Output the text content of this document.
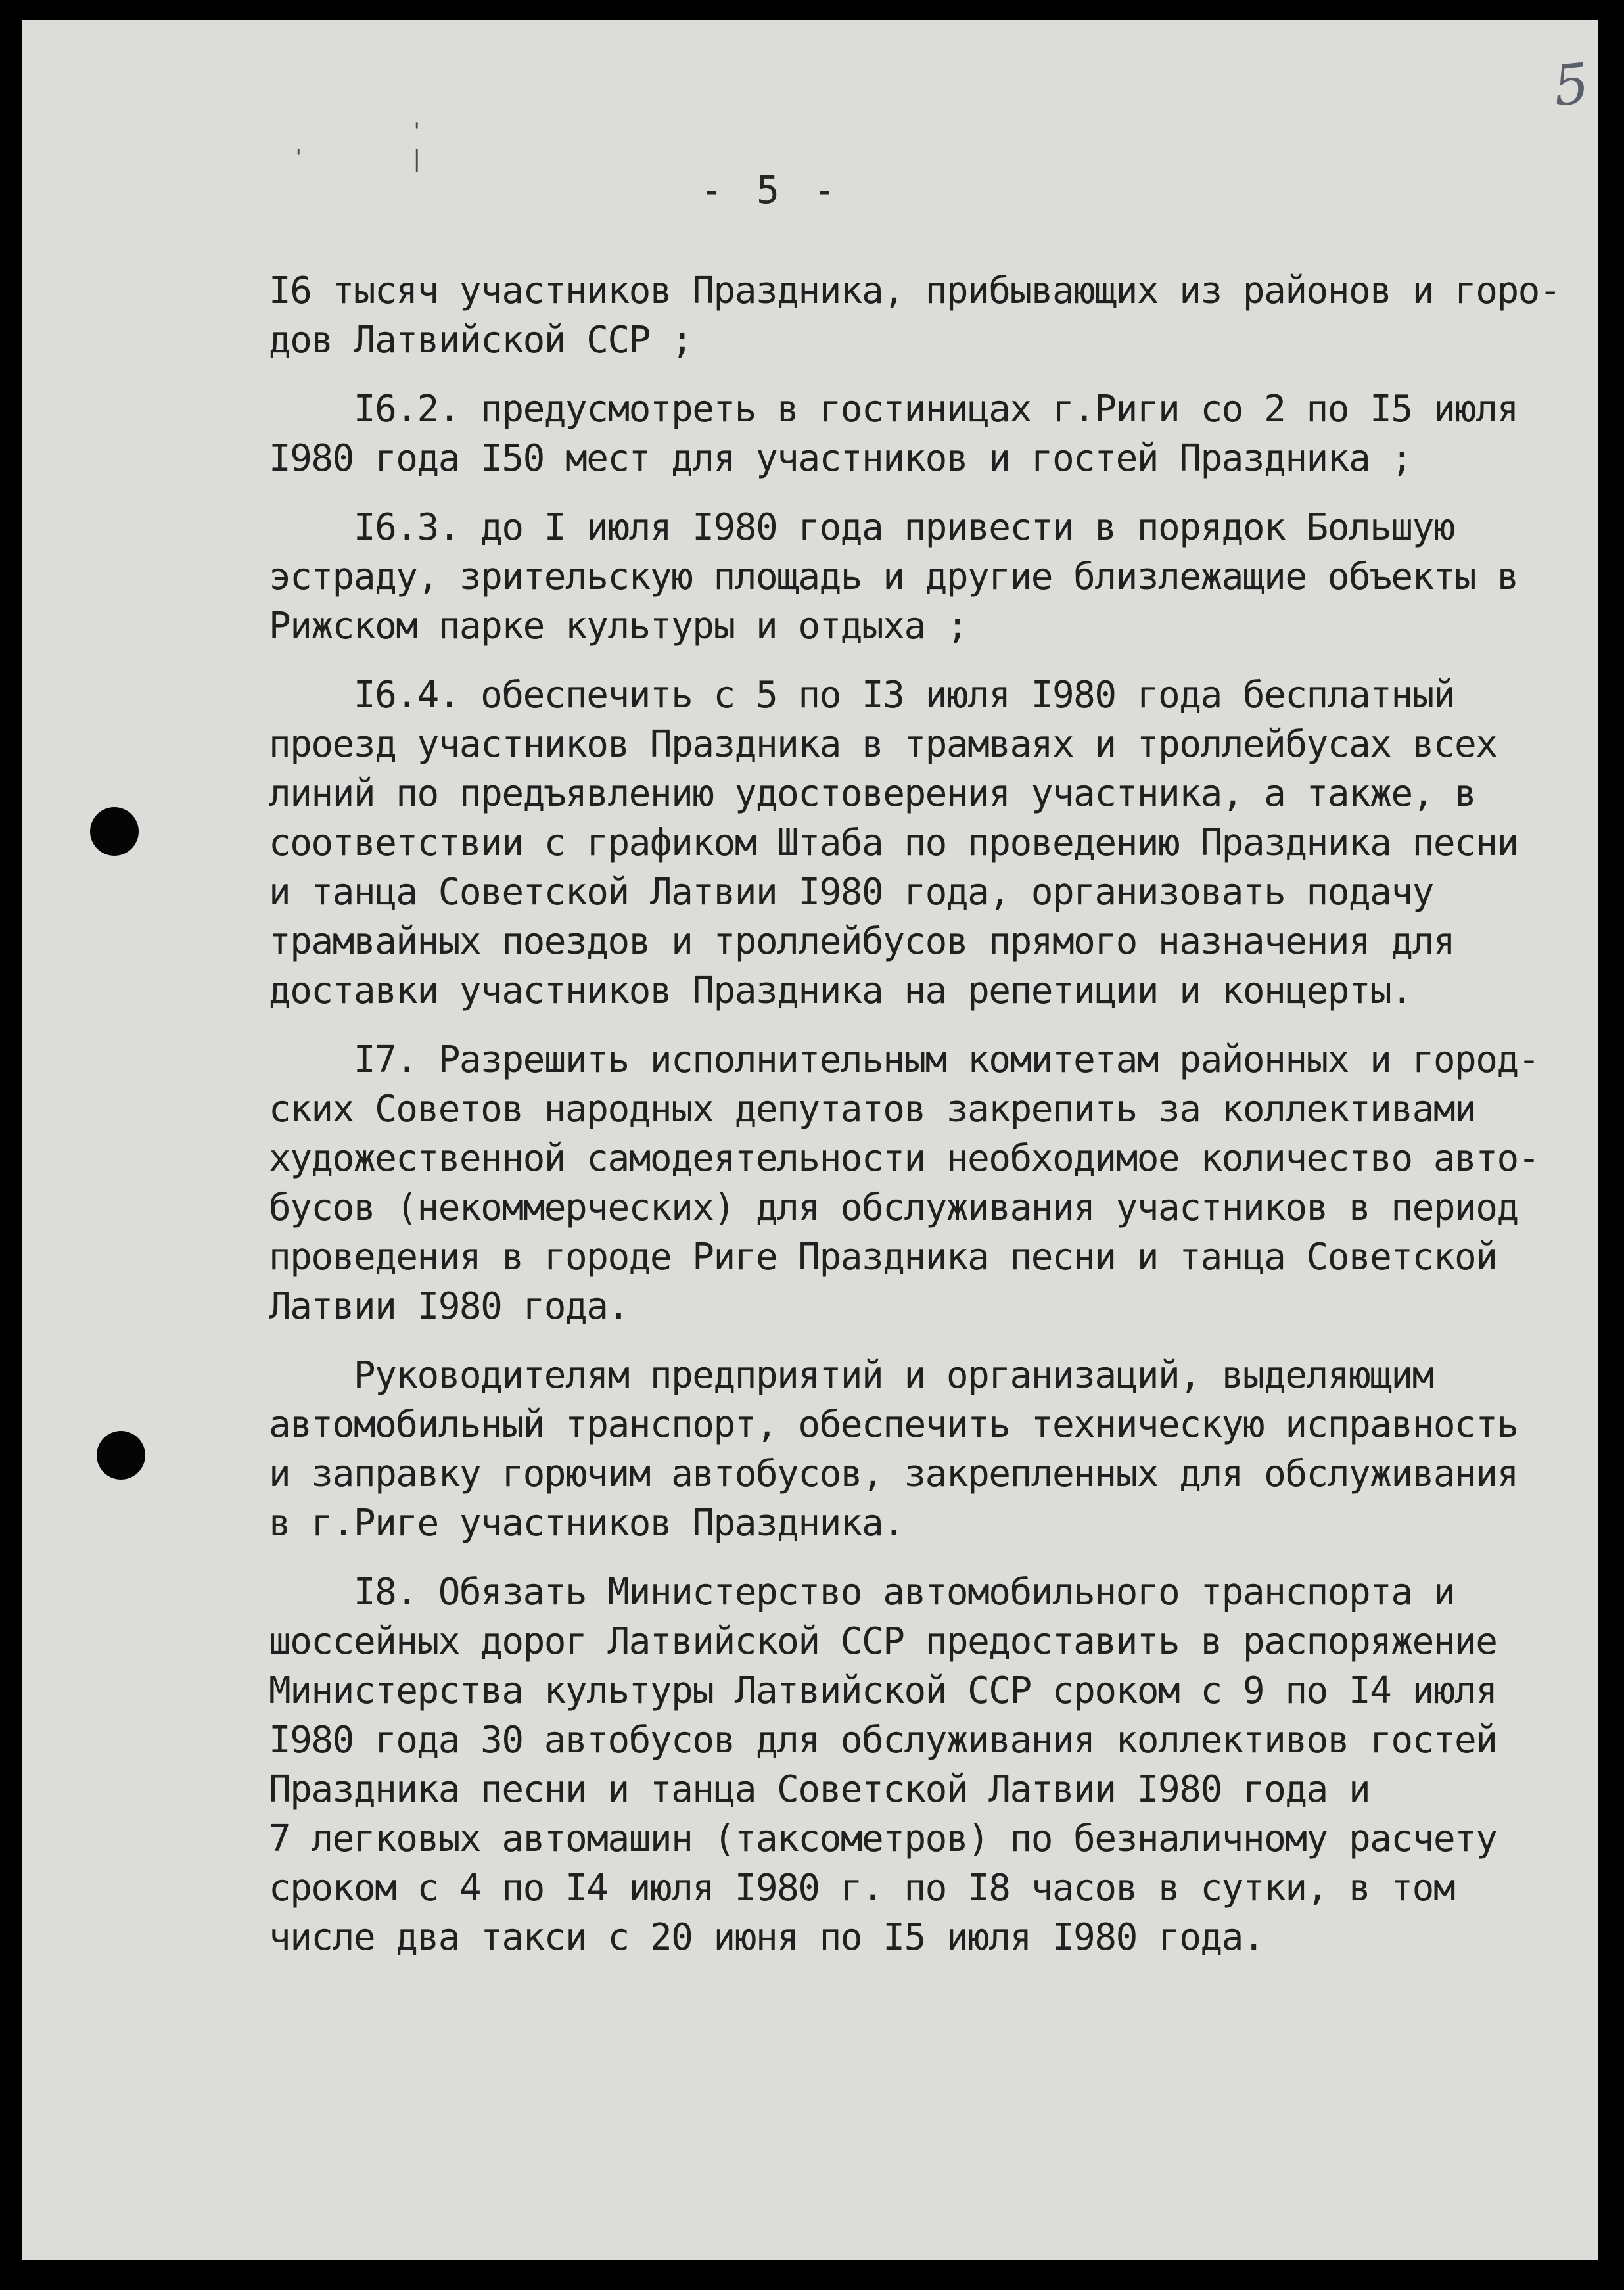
5
'
'
|
- 5 -
I6 тысяч участников Праздника, прибывающих из районов и горо-
дов Латвийской ССР ;
I6.2. предусмотреть в гостиницах г.Риги со 2 по I5 июля
I980 года I50 мест для участников и гостей Праздника ;
I6.3. до I июля I980 года привести в порядок Большую
эстраду, зрительскую площадь и другие близлежащие объекты в
Рижском парке культуры и отдыха ;
I6.4. обеспечить с 5 по I3 июля I980 года бесплатный
проезд участников Праздника в трамваях и троллейбусах всех
линий по предъявлению удостоверения участника, а также, в
соответствии с графиком Штаба по проведению Праздника песни
и танца Советской Латвии I980 года, организовать подачу
трамвайных поездов и троллейбусов прямого назначения для
доставки участников Праздника на репетиции и концерты.
I7. Разрешить исполнительным комитетам районных и город-
ских Советов народных депутатов закрепить за коллективами
художественной самодеятельности необходимое количество авто-
бусов (некоммерческих) для обслуживания участников в период
проведения в городе Риге Праздника песни и танца Советской
Латвии I980 года.
Руководителям предприятий и организаций, выделяющим
автомобильный транспорт, обеспечить техническую исправность
и заправку горючим автобусов, закрепленных для обслуживания
в г.Риге участников Праздника.
I8. Обязать Министерство автомобильного транспорта и
шоссейных дорог Латвийской ССР предоставить в распоряжение
Министерства культуры Латвийской ССР сроком с 9 по I4 июля
I980 года 30 автобусов для обслуживания коллективов гостей
Праздника песни и танца Советской Латвии I980 года и
7 легковых автомашин (таксометров) по безналичному расчету
сроком с 4 по I4 июля I980 г. по I8 часов в сутки, в том
числе два такси с 20 июня по I5 июля I980 года.
